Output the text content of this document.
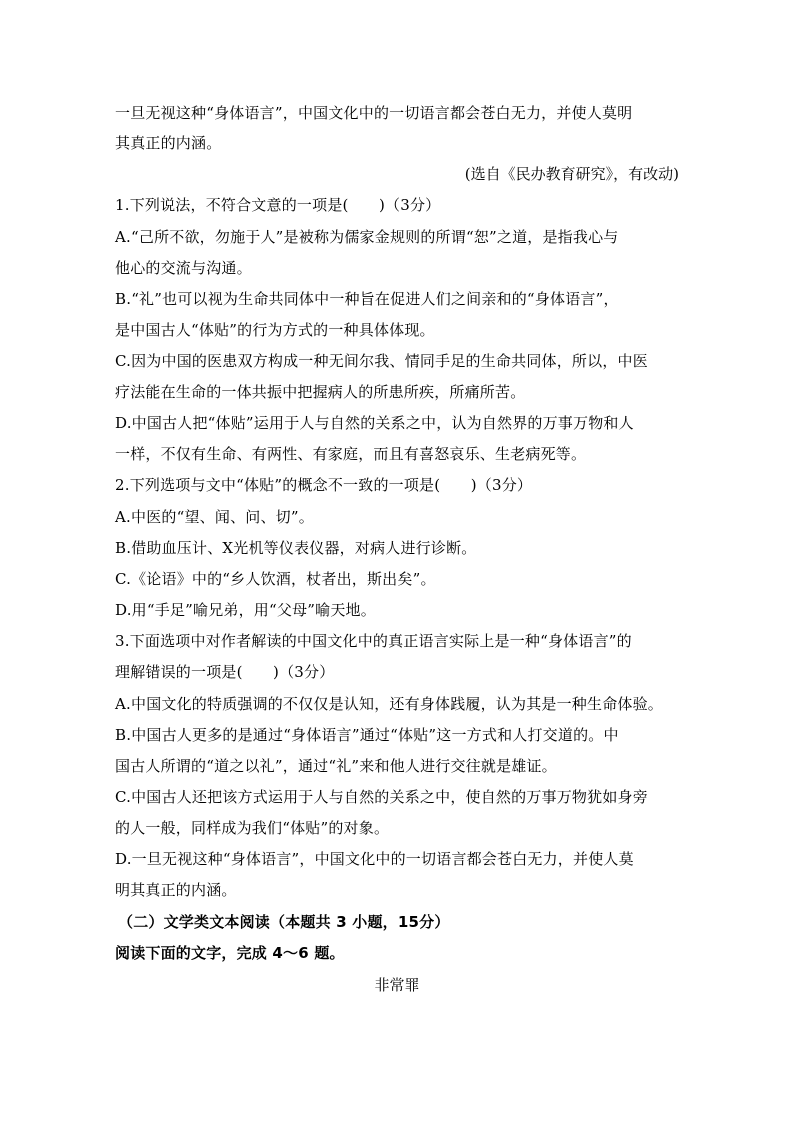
一旦无视这种“身体语言”，中国文化中的一切语言都会苍白无力，并使人莫明
其真正的内涵。
(选自《民办教育研究》，有改动)
1.下列说法，不符合文意的一项是(　　)（3分）
A.“己所不欲，勿施于人”是被称为儒家金规则的所谓“恕”之道，是指我心与
他心的交流与沟通。
B.“礼”也可以视为生命共同体中一种旨在促进人们之间亲和的“身体语言”，
是中国古人“体贴”的行为方式的一种具体体现。
C.因为中国的医患双方构成一种无间尔我、情同手足的生命共同体，所以，中医
疗法能在生命的一体共振中把握病人的所患所疾，所痛所苦。
D.中国古人把“体贴”运用于人与自然的关系之中，认为自然界的万事万物和人
一样，不仅有生命、有两性、有家庭，而且有喜怒哀乐、生老病死等。
2.下列选项与文中“体贴”的概念不一致的一项是(　　)（3分）
A.中医的“望、闻、问、切”。
B.借助血压计、X光机等仪表仪器，对病人进行诊断。
C.《论语》中的“乡人饮酒，杖者出，斯出矣”。
D.用“手足”喻兄弟，用“父母”喻天地。
3.下面选项中对作者解读的中国文化中的真正语言实际上是一种“身体语言”的
理解错误的一项是(　　)（3分）
A.中国文化的特质强调的不仅仅是认知，还有身体践履，认为其是一种生命体验。
B.中国古人更多的是通过“身体语言”通过“体贴”这一方式和人打交道的。中
国古人所谓的“道之以礼”，通过“礼”来和他人进行交往就是雄证。
C.中国古人还把该方式运用于人与自然的关系之中，使自然的万事万物犹如身旁
的人一般，同样成为我们“体贴”的对象。
D.一旦无视这种“身体语言”，中国文化中的一切语言都会苍白无力，并使人莫
明其真正的内涵。
（二）文学类文本阅读（本题共 3 小题，15分）
阅读下面的文字，完成 4～6 题。
非常罪
